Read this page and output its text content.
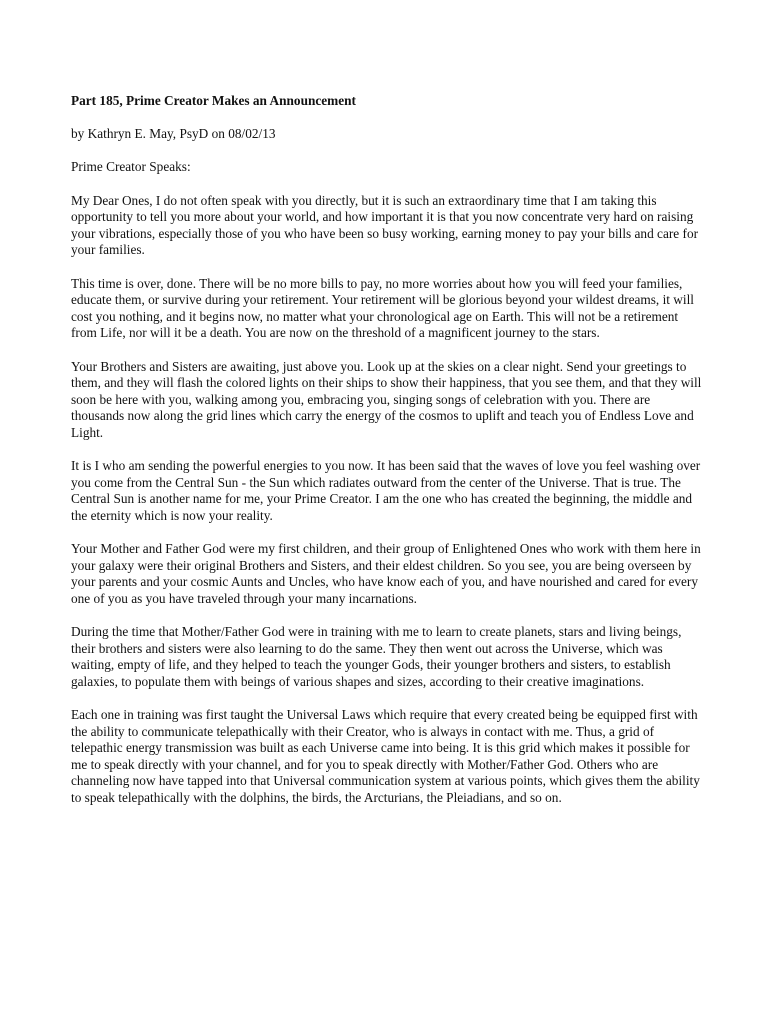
Part 185, Prime Creator Makes an Announcement

by Kathryn E. May, PsyD on 08/02/13

Prime Creator Speaks:

My Dear Ones, I do not often speak with you directly, but it is such an extraordinary time that I am taking this opportunity to tell you more about your world, and how important it is that you now concentrate very hard on raising your vibrations, especially those of you who have been so busy working, earning money to pay your bills and care for your families.

This time is over, done. There will be no more bills to pay, no more worries about how you will feed your families, educate them, or survive during your retirement. Your retirement will be glorious beyond your wildest dreams, it will cost you nothing, and it begins now, no matter what your chronological age on Earth. This will not be a retirement from Life, nor will it be a death. You are now on the threshold of a magnificent journey to the stars.

Your Brothers and Sisters are awaiting, just above you. Look up at the skies on a clear night. Send your greetings to them, and they will flash the colored lights on their ships to show their happiness, that you see them, and that they will soon be here with you, walking among you, embracing you, singing songs of celebration with you. There are thousands now along the grid lines which carry the energy of the cosmos to uplift and teach you of Endless Love and Light.

It is I who am sending the powerful energies to you now. It has been said that the waves of love you feel washing over you come from the Central Sun - the Sun which radiates outward from the center of the Universe. That is true. The Central Sun is another name for me, your Prime Creator. I am the one who has created the beginning, the middle and the eternity which is now your reality.

Your Mother and Father God were my first children, and their group of Enlightened Ones who work with them here in your galaxy were their original Brothers and Sisters, and their eldest children. So you see, you are being overseen by your parents and your cosmic Aunts and Uncles, who have know each of you, and have nourished and cared for every one of you as you have traveled through your many incarnations.

During the time that Mother/Father God were in training with me to learn to create planets, stars and living beings, their brothers and sisters were also learning to do the same. They then went out across the Universe, which was waiting, empty of life, and they helped to teach the younger Gods, their younger brothers and sisters, to establish galaxies, to populate them with beings of various shapes and sizes, according to their creative imaginations.

Each one in training was first taught the Universal Laws which require that every created being be equipped first with the ability to communicate telepathically with their Creator, who is always in contact with me. Thus, a grid of telepathic energy transmission was built as each Universe came into being. It is this grid which makes it possible for me to speak directly with your channel, and for you to speak directly with Mother/Father God. Others who are channeling now have tapped into that Universal communication system at various points, which gives them the ability to speak telepathically with the dolphins, the birds, the Arcturians, the Pleiadians, and so on.
